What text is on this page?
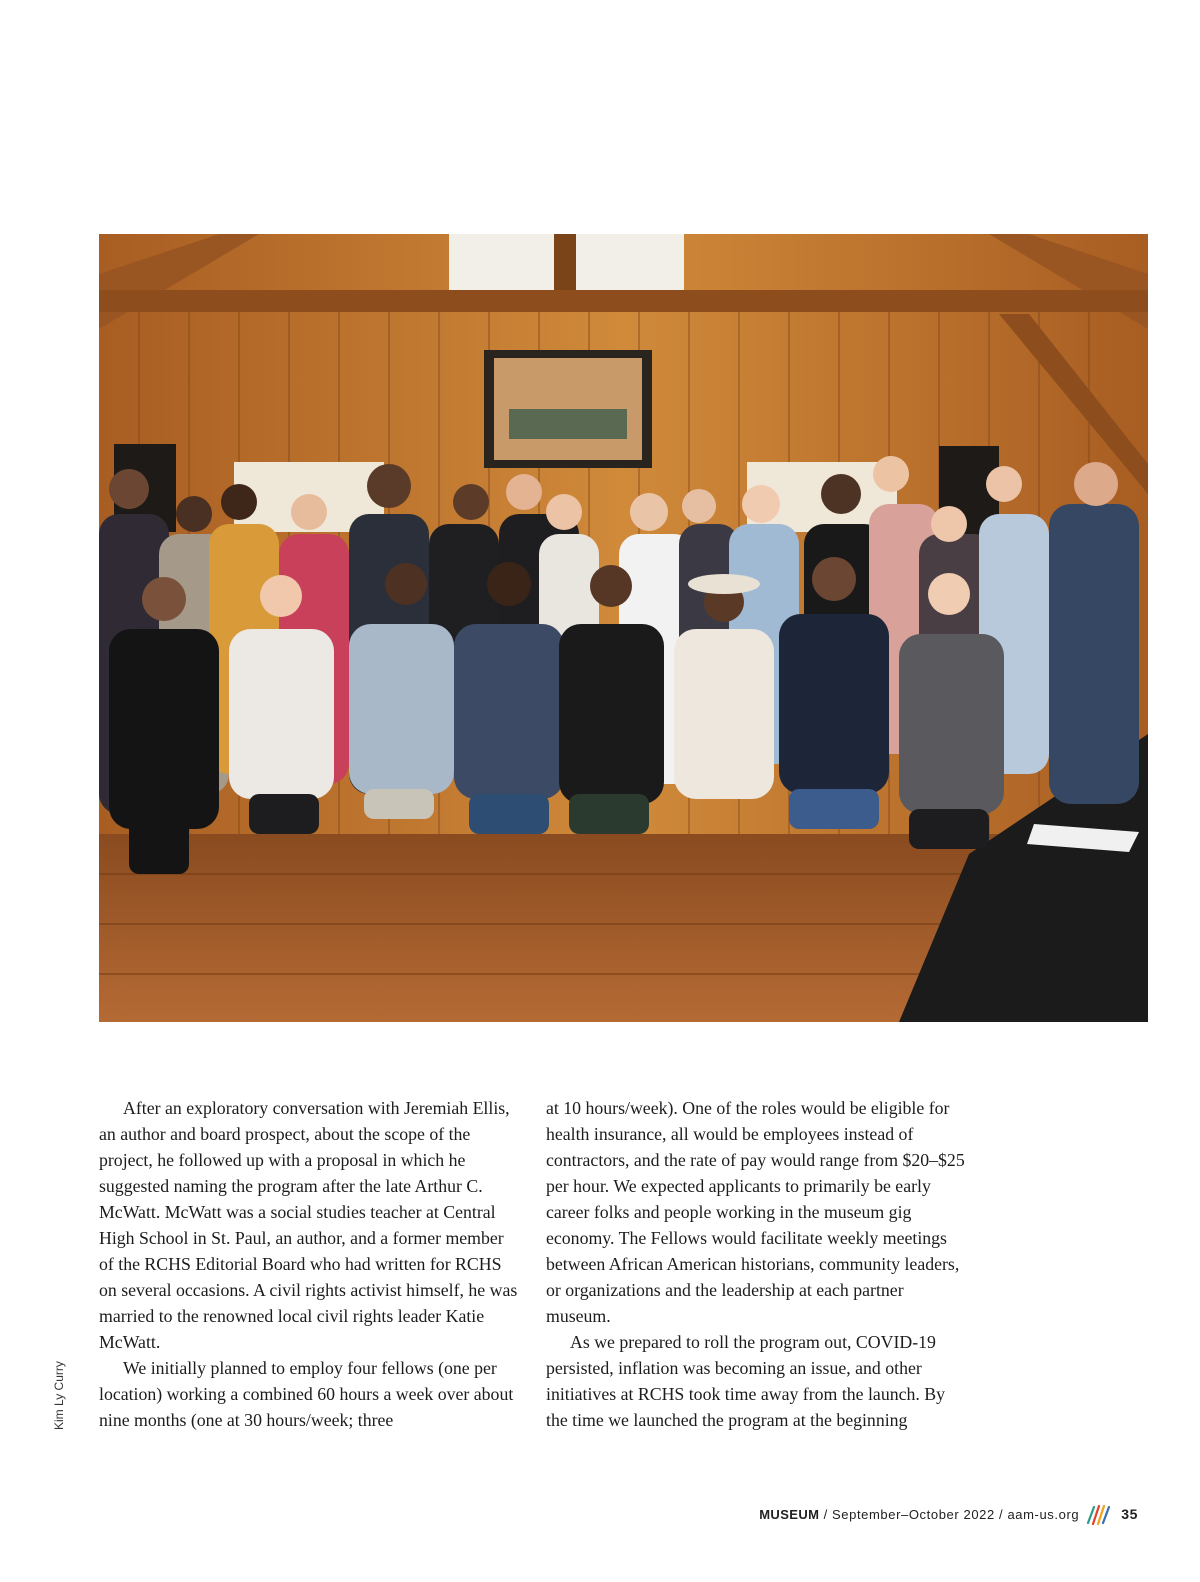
After an exploratory conversation with Jeremiah Ellis, an author and board prospect, about the scope of the project, he followed up with a proposal in which he suggested naming the program after the late Arthur C. McWatt. McWatt was a social studies teacher at Central High School in St. Paul, an author, and a former member of the RCHS Editorial Board who had written for RCHS on several occasions. A civil rights activist himself, he was married to the renowned local civil rights leader Katie McWatt.

We initially planned to employ four fellows (one per location) working a combined 60 hours a week over about nine months (one at 30 hours/week; three

at 10 hours/week). One of the roles would be eligible for health insurance, all would be employees instead of contractors, and the rate of pay would range from $20–$25 per hour. We expected applicants to primarily be early career folks and people working in the museum gig economy. The Fellows would facilitate weekly meetings between African American historians, community leaders, or organizations and the leadership at each partner museum.

As we prepared to roll the program out, COVID-19 persisted, inflation was becoming an issue, and other initiatives at RCHS took time away from the launch. By the time we launched the program at the beginning

Kim Ly Curry
MUSEUM / September–October 2022 / aam-us.org	35
